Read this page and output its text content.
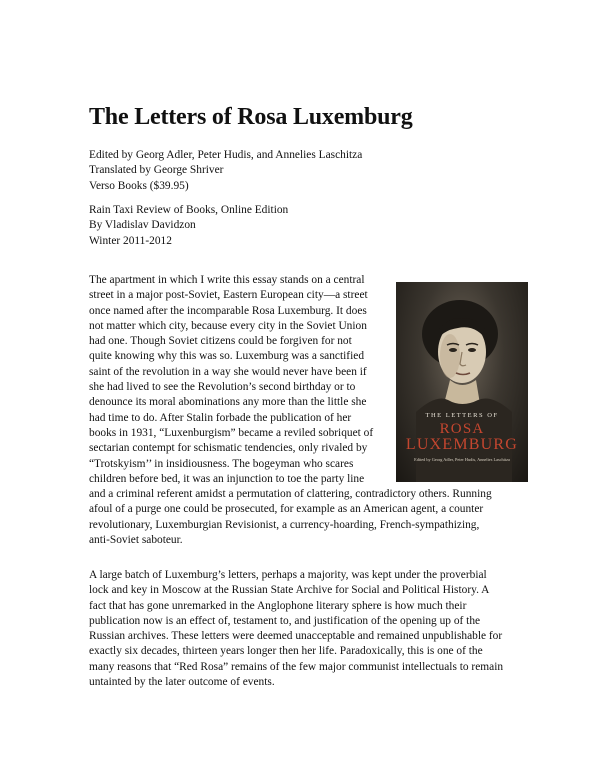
The Letters of Rosa Luxemburg
Edited by Georg Adler, Peter Hudis, and Annelies Laschitza
Translated by George Shriver
Verso Books ($39.95)
Rain Taxi Review of Books, Online Edition
By Vladislav Davidzon
Winter 2011-2012
THE LETTERS OF
ROSA
LUXEMBURG
Edited by Georg Adler, Peter Hudis, Annelies Laschitza
The apartment in which I write this essay stands on a central
street in a major post-Soviet, Eastern European city—a street
once named after the incomparable Rosa Luxemburg. It does
not matter which city, because every city in the Soviet Union
had one. Though Soviet citizens could be forgiven for not
quite knowing why this was so. Luxemburg was a sanctified
saint of the revolution in a way she would never have been if
she had lived to see the Revolution’s second birthday or to
denounce its moral abominations any more than the little she
had time to do. After Stalin forbade the publication of her
books in 1931, “Luxenburgism” became a reviled sobriquet of
sectarian contempt for schismatic tendencies, only rivaled by
“Trotskyism’’ in insidiousness. The bogeyman who scares
children before bed, it was an injunction to toe the party line
and a criminal referent amidst a permutation of clattering, contradictory others. Running
afoul of a purge one could be prosecuted, for example as an American agent, a counter
revolutionary, Luxemburgian Revisionist, a currency-hoarding, French-sympathizing,
anti-Soviet saboteur.
A large batch of Luxemburg’s letters, perhaps a majority, was kept under the proverbial
lock and key in Moscow at the Russian State Archive for Social and Political History. A
fact that has gone unremarked in the Anglophone literary sphere is how much their
publication now is an effect of, testament to, and justification of the opening up of the
Russian archives. These letters were deemed unacceptable and remained unpublishable for
exactly six decades, thirteen years longer then her life. Paradoxically, this is one of the
many reasons that “Red Rosa” remains of the few major communist intellectuals to remain
untainted by the later outcome of events.
